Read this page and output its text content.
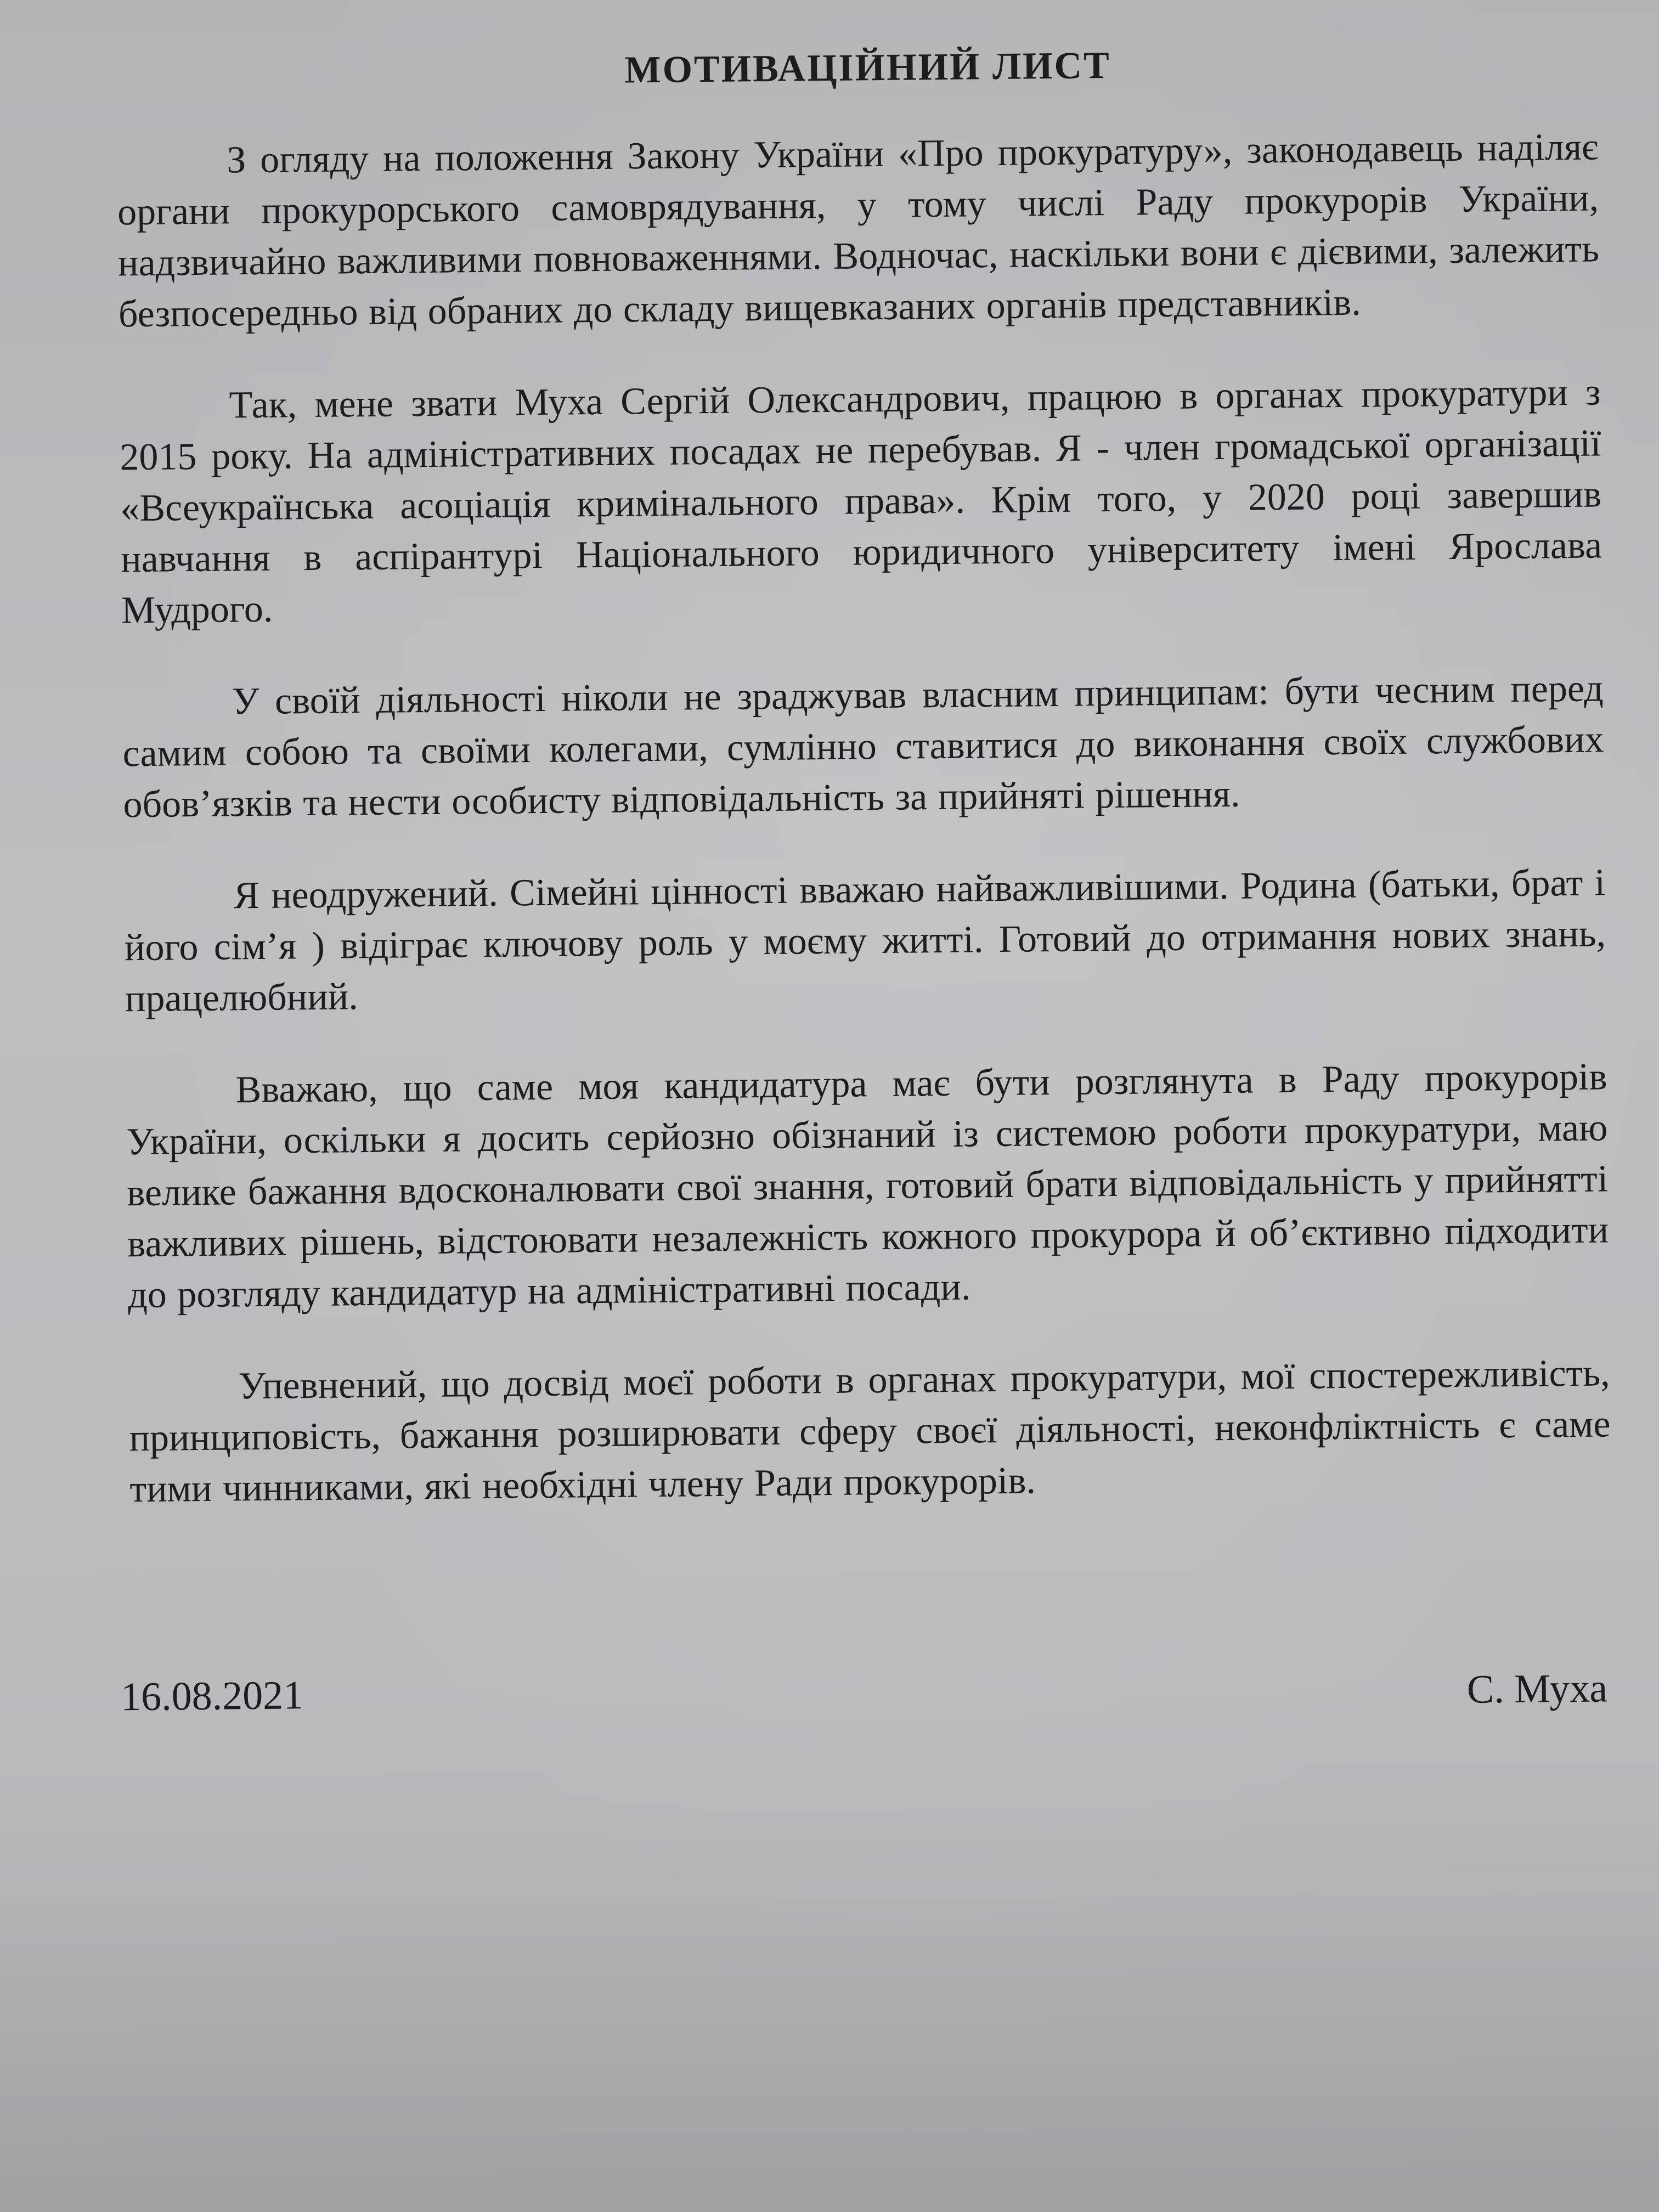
МОТИВАЦІЙНИЙ ЛИСТ

З огляду на положення Закону України «Про прокуратуру», законодавець наділяє органи прокурорського самоврядування, у тому числі Раду прокурорів України, надзвичайно важливими повноваженнями. Водночас, наскільки вони є дієвими, залежить безпосередньо від обраних до складу вищевказаних органів представників.

Так, мене звати Муха Сергій Олександрович, працюю в органах прокуратури з 2015 року. На адміністративних посадах не перебував. Я - член громадської організації «Всеукраїнська асоціація кримінального права». Крім того, у 2020 році завершив навчання в аспірантурі Національного юридичного університету імені Ярослава Мудрого.

У своїй діяльності ніколи не зраджував власним принципам: бути чесним перед самим собою та своїми колегами, сумлінно ставитися до виконання своїх службових обов’язків та нести особисту відповідальність за прийняті рішення.

Я неодружений. Сімейні цінності вважаю найважливішими. Родина (батьки, брат і його сім’я ) відіграє ключову роль у моєму житті. Готовий до отримання нових знань, працелюбний.

Вважаю, що саме моя кандидатура має бути розглянута в Раду прокурорів України, оскільки я досить серйозно обізнаний із системою роботи прокуратури, маю велике бажання вдосконалювати свої знання, готовий брати відповідальність у прийнятті важливих рішень, відстоювати незалежність кожного прокурора й об’єктивно підходити до розгляду кандидатур на адміністративні посади.

Упевнений, що досвід моєї роботи в органах прокуратури, мої спостережливість, принциповість, бажання розширювати сферу своєї діяльності, неконфліктність є саме тими чинниками, які необхідні члену Ради прокурорів.

16.08.2021	С. Муха
